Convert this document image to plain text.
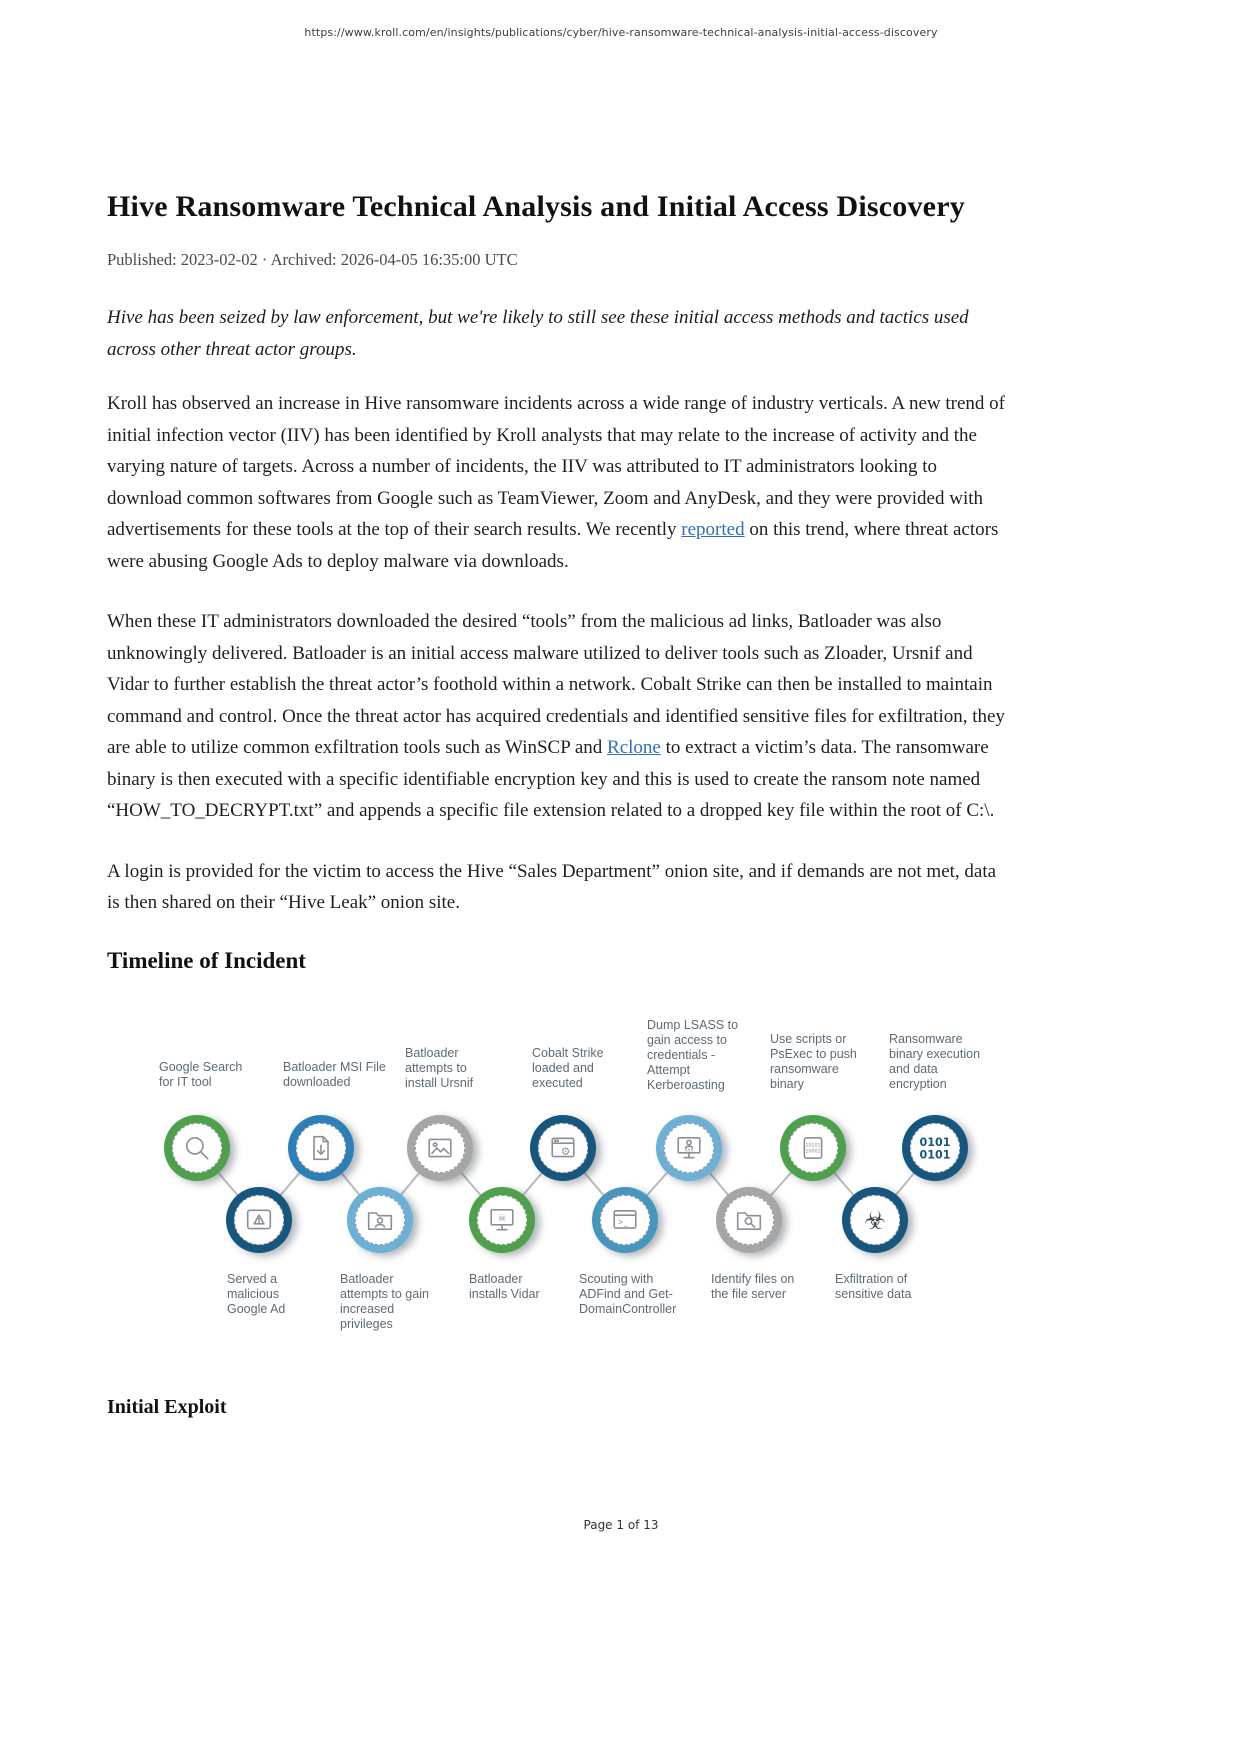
https://www.kroll.com/en/insights/publications/cyber/hive-ransomware-technical-analysis-initial-access-discovery
Hive Ransomware Technical Analysis and Initial Access Discovery

Published: 2023-02-02 · Archived: 2026-04-05 16:35:00 UTC

Hive has been seized by law enforcement, but we're likely to still see these initial access methods and tactics used across other threat actor groups.

Kroll has observed an increase in Hive ransomware incidents across a wide range of industry verticals. A new trend of initial infection vector (IIV) has been identified by Kroll analysts that may relate to the increase of activity and the varying nature of targets. Across a number of incidents, the IIV was attributed to IT administrators looking to download common softwares from Google such as TeamViewer, Zoom and AnyDesk, and they were provided with advertisements for these tools at the top of their search results. We recently reported on this trend, where threat actors were abusing Google Ads to deploy malware via downloads.

When these IT administrators downloaded the desired “tools” from the malicious ad links, Batloader was also unknowingly delivered. Batloader is an initial access malware utilized to deliver tools such as Zloader, Ursnif and Vidar to further establish the threat actor’s foothold within a network. Cobalt Strike can then be installed to maintain command and control. Once the threat actor has acquired credentials and identified sensitive files for exfiltration, they are able to utilize common exfiltration tools such as WinSCP and Rclone to extract a victim’s data. The ransomware binary is then executed with a specific identifiable encryption key and this is used to create the ransom note named “HOW_TO_DECRYPT.txt” and appends a specific file extension related to a dropped key file within the root of C:\.

A login is provided for the victim to access the Hive “Sales Department” onion site, and if demands are not met, data is then shared on their “Hive Leak” onion site.

Timeline of Incident
Google Search for IT tool
Served a malicious Google Ad
Batloader MSI File downloaded
Batloader attempts to gain increased privileges
Batloader attempts to install Ursnif
Batloader installs Vidar
Cobalt Strike loaded and executed
Scouting with ADFind and Get-DomainController
Dump LSASS to gain access to credentials - Attempt Kerberoasting
Identify files on the file server
Use scripts or PsExec to push ransomware binary
Exfiltration of sensitive data
Ransomware binary execution and data encryption
☠
⚙
>_
xxx
10101
10001
☣
0101
0101
Initial Exploit
Page 1 of 13
